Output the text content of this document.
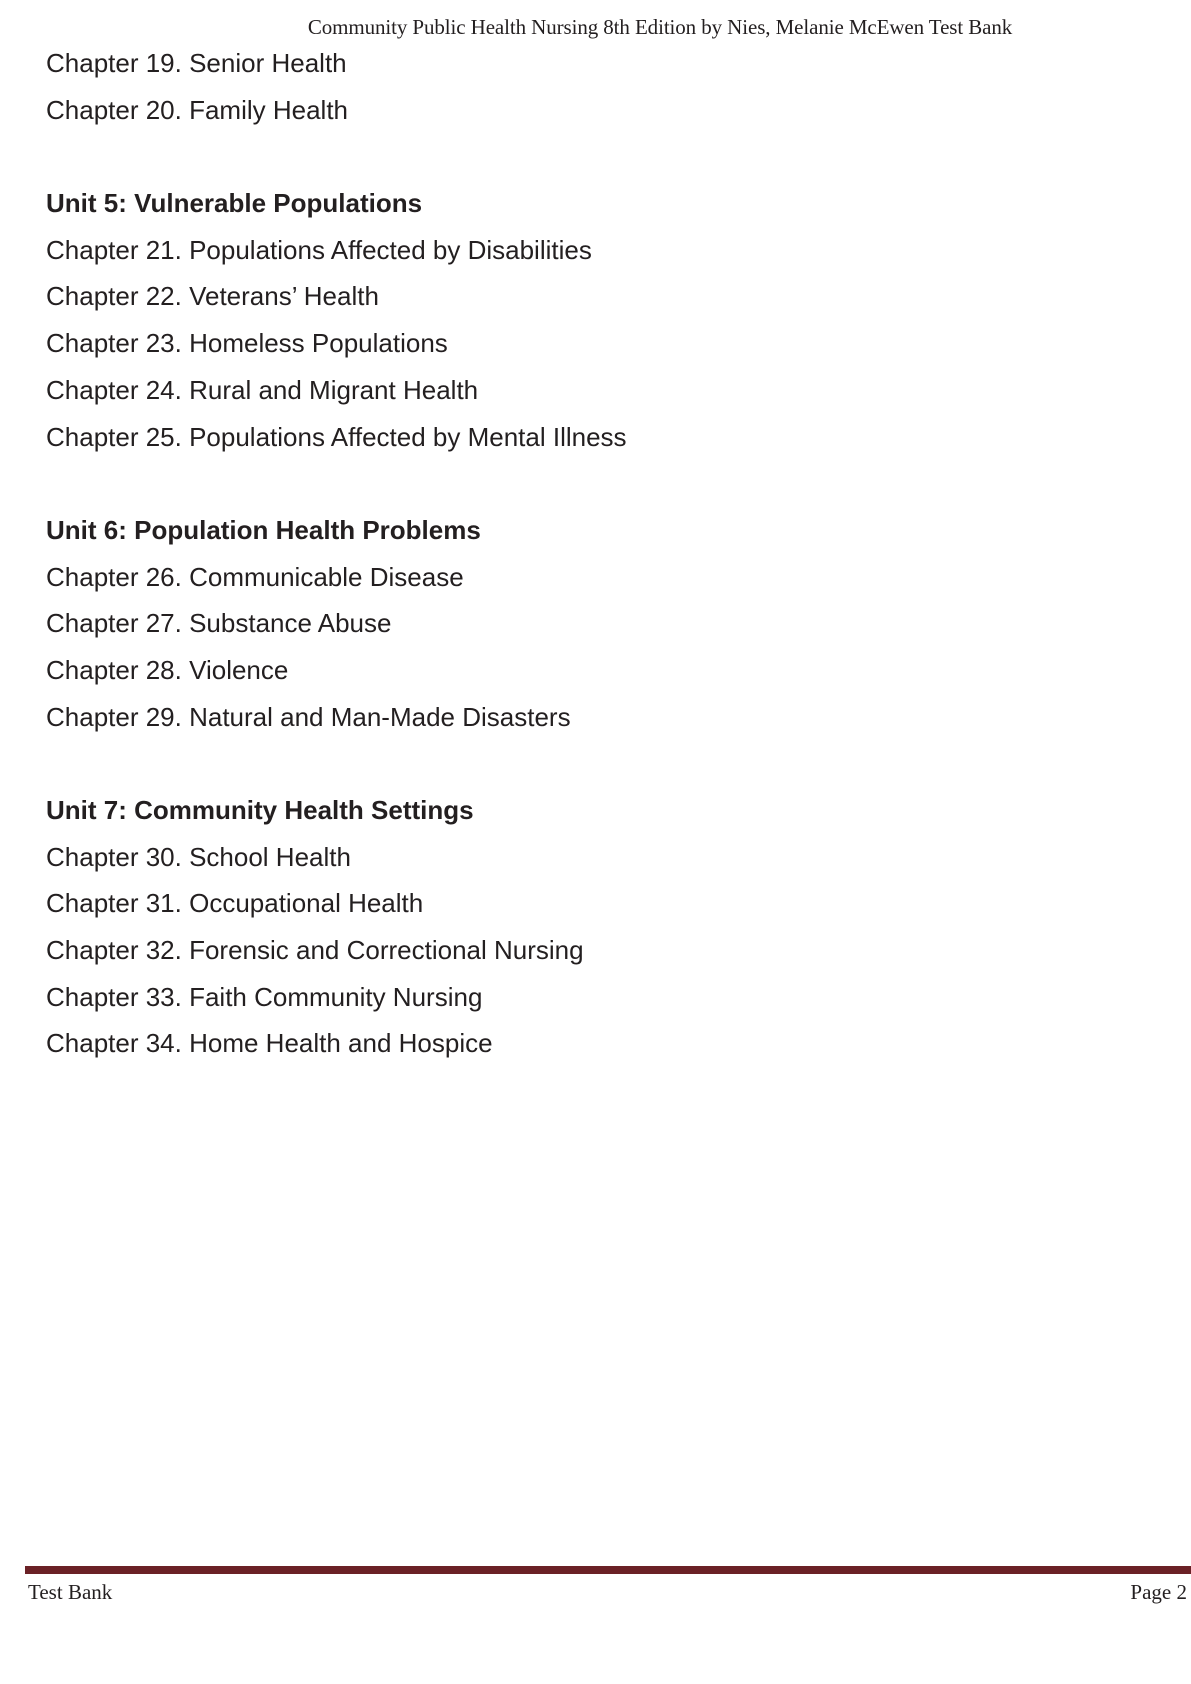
Community Public Health Nursing 8th Edition by Nies, Melanie McEwen Test Bank
Chapter 19. Senior Health
Chapter 20. Family Health
Unit 5: Vulnerable Populations
Chapter 21. Populations Affected by Disabilities
Chapter 22. Veterans’ Health
Chapter 23. Homeless Populations
Chapter 24. Rural and Migrant Health
Chapter 25. Populations Affected by Mental Illness
Unit 6: Population Health Problems
Chapter 26. Communicable Disease
Chapter 27. Substance Abuse
Chapter 28. Violence
Chapter 29. Natural and Man-Made Disasters
Unit 7: Community Health Settings
Chapter 30. School Health
Chapter 31. Occupational Health
Chapter 32. Forensic and Correctional Nursing
Chapter 33. Faith Community Nursing
Chapter 34. Home Health and Hospice
Test Bank	Page 2
